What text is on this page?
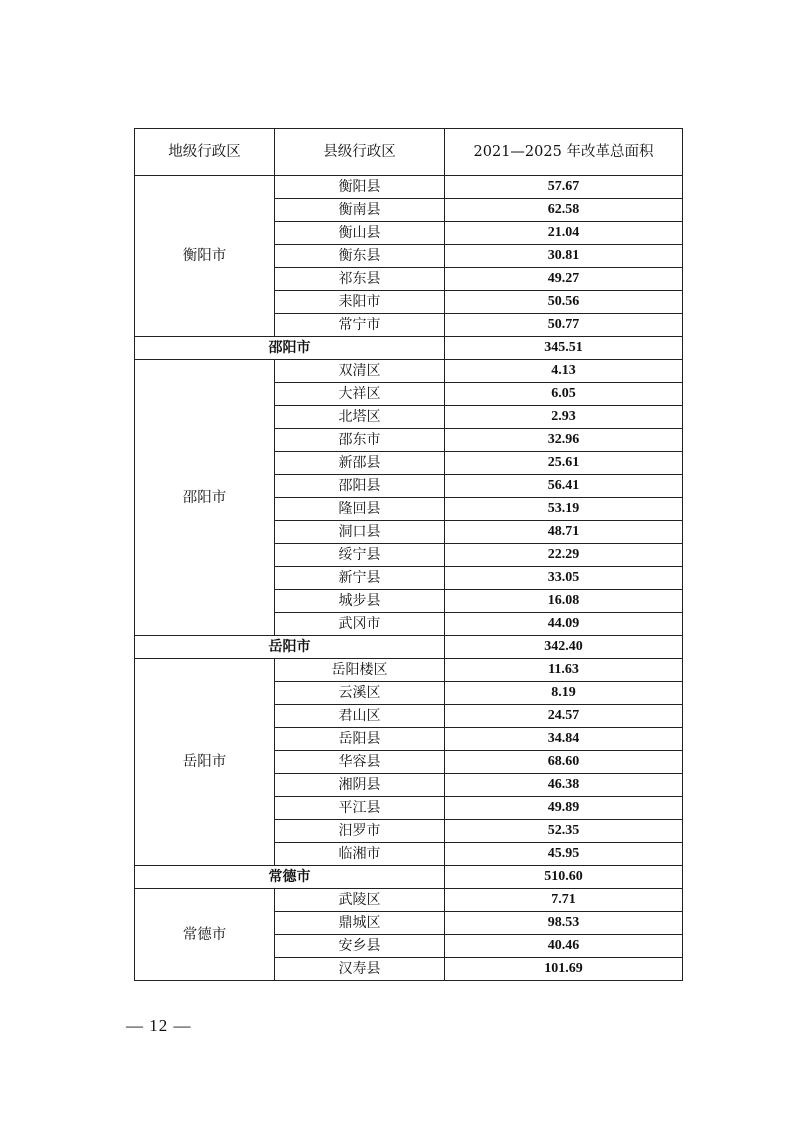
地级行政区	县级行政区	2021—2025 年改革总面积
衡阳市	衡阳县	57.67
	衡南县	62.58
	衡山县	21.04
	衡东县	30.81
	祁东县	49.27
	耒阳市	50.56
	常宁市	50.77
邵阳市		345.51
邵阳市	双清区	4.13
	大祥区	6.05
	北塔区	2.93
	邵东市	32.96
	新邵县	25.61
	邵阳县	56.41
	隆回县	53.19
	洞口县	48.71
	绥宁县	22.29
	新宁县	33.05
	城步县	16.08
	武冈市	44.09
岳阳市		342.40
岳阳市	岳阳楼区	11.63
	云溪区	8.19
	君山区	24.57
	岳阳县	34.84
	华容县	68.60
	湘阴县	46.38
	平江县	49.89
	汨罗市	52.35
	临湘市	45.95
常德市		510.60
常德市	武陵区	7.71
	鼎城区	98.53
	安乡县	40.46
	汉寿县	101.69
— 12 —
